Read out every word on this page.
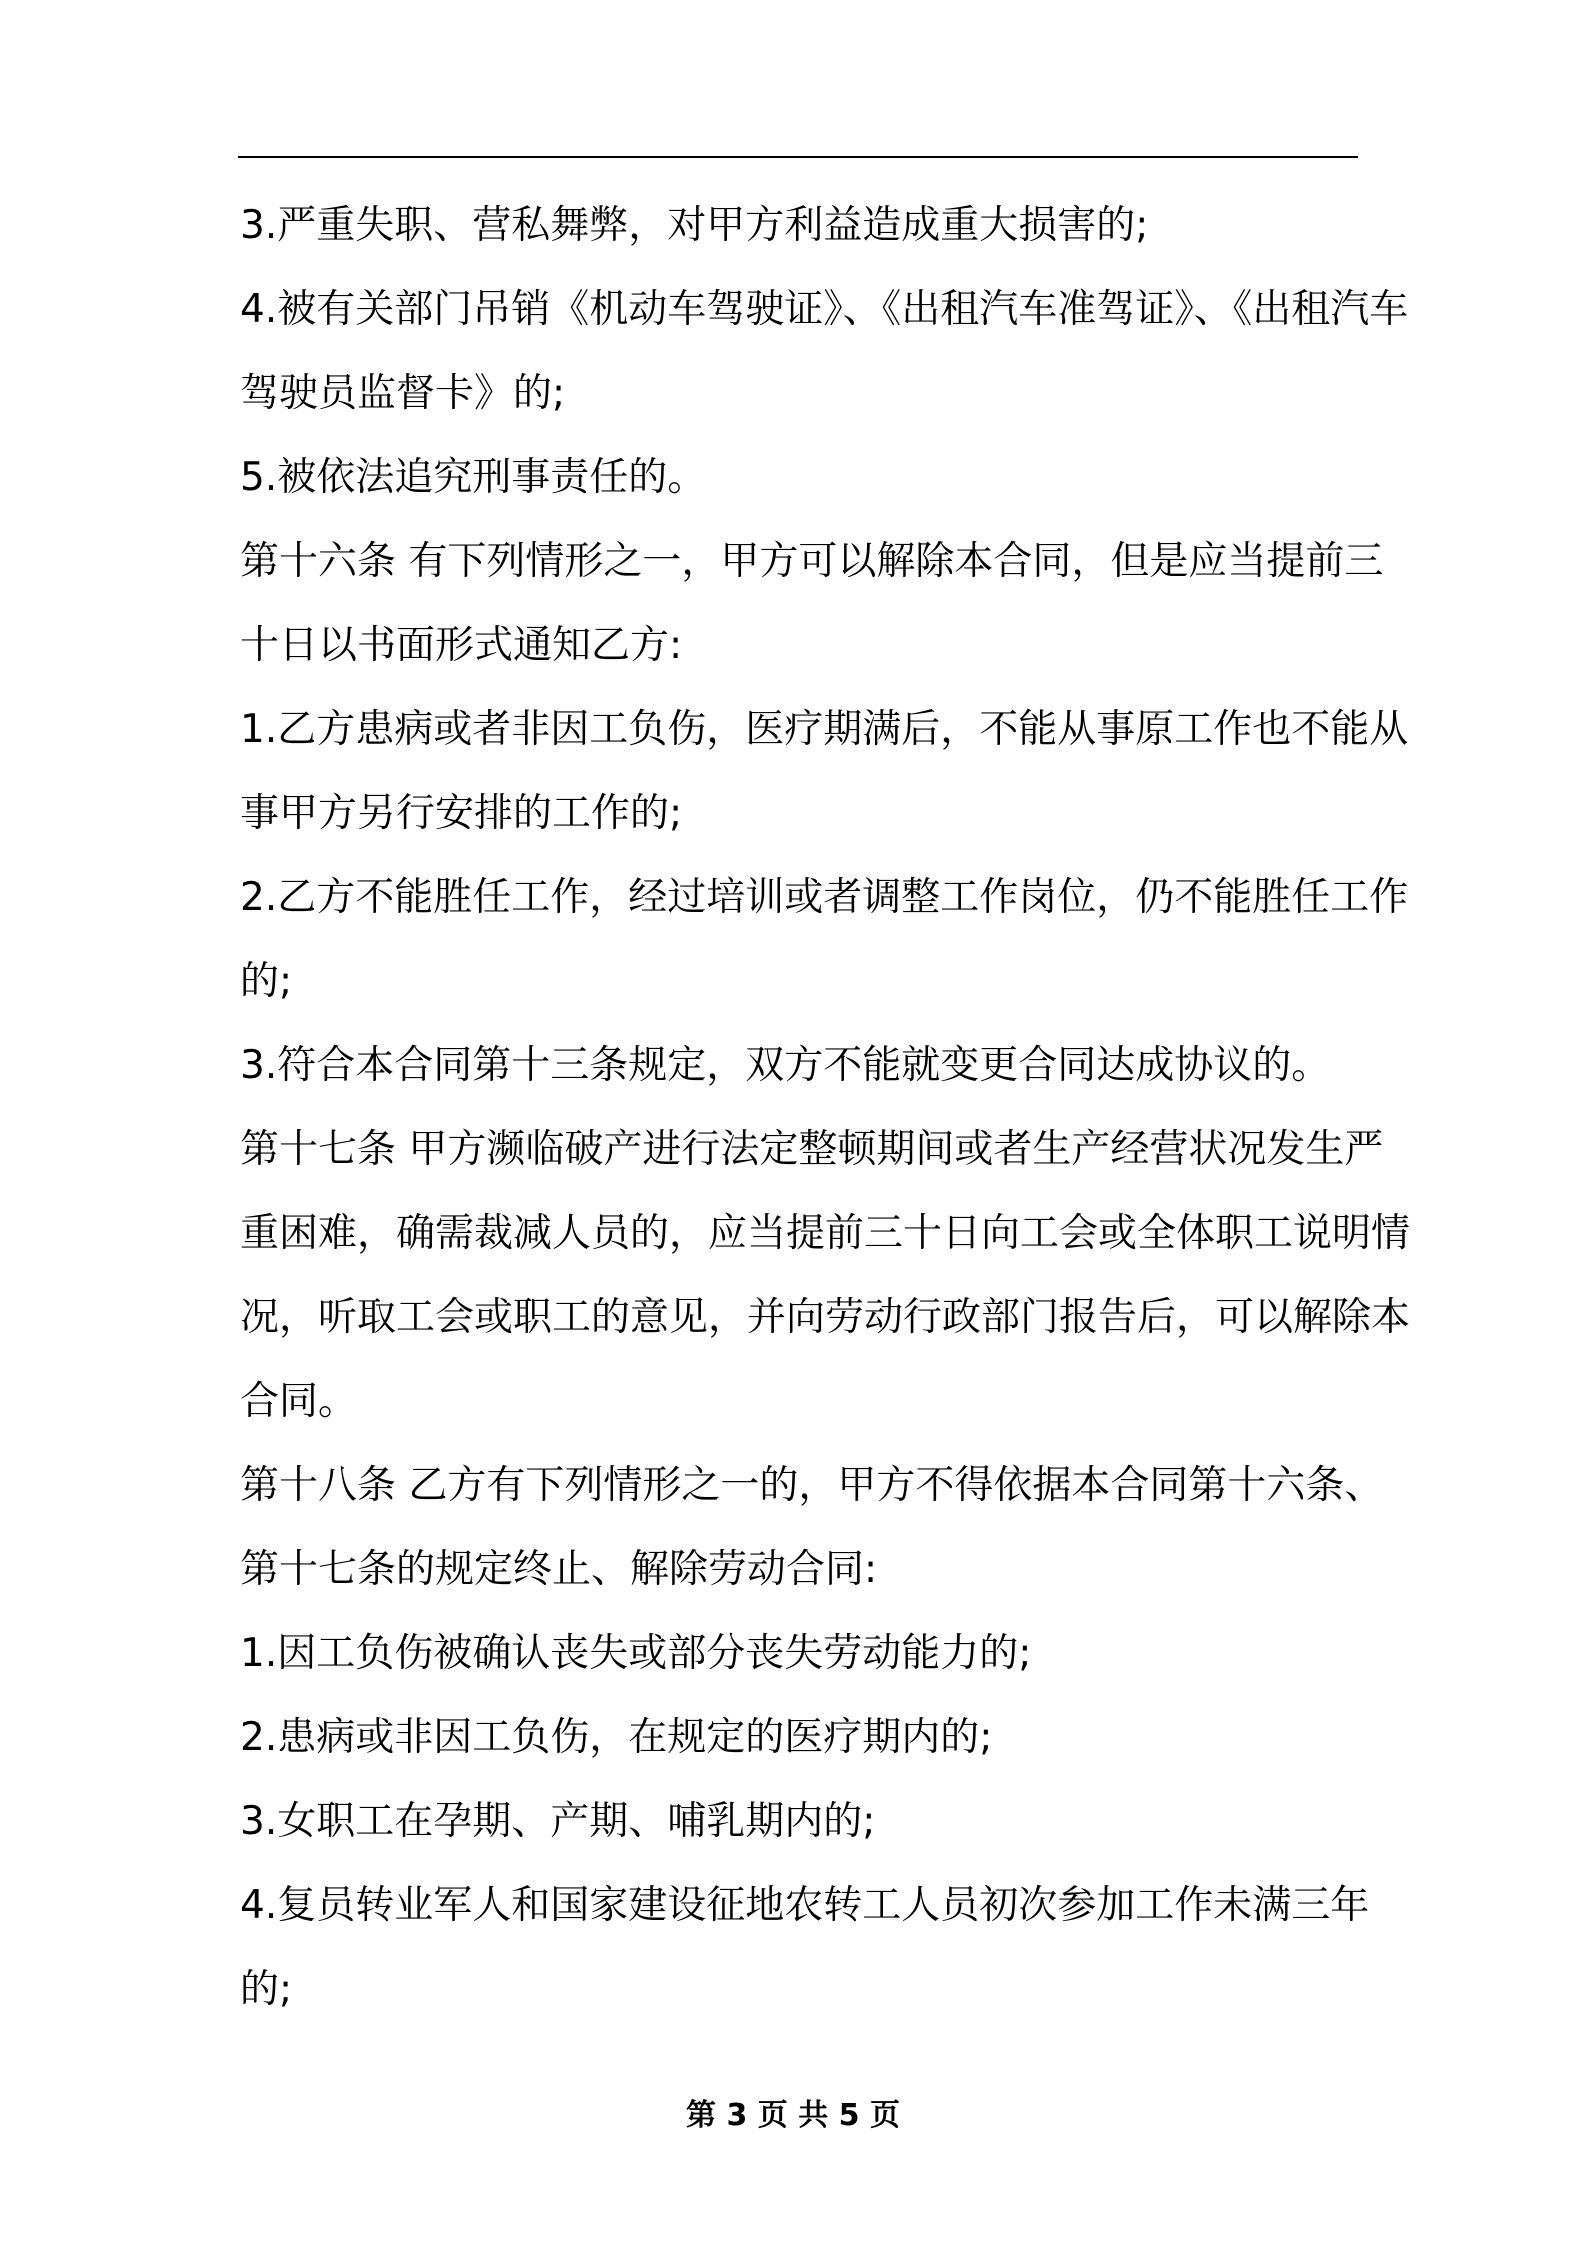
3.严重失职、营私舞弊，对甲方利益造成重大损害的;
4.被有关部门吊销《机动车驾驶证》、《出租汽车准驾证》、《出租汽车
驾驶员监督卡》的;
5.被依法追究刑事责任的。
第十六条 有下列情形之一，甲方可以解除本合同，但是应当提前三
十日以书面形式通知乙方:
1.乙方患病或者非因工负伤，医疗期满后，不能从事原工作也不能从
事甲方另行安排的工作的;
2.乙方不能胜任工作，经过培训或者调整工作岗位，仍不能胜任工作
的;
3.符合本合同第十三条规定，双方不能就变更合同达成协议的。
第十七条 甲方濒临破产进行法定整顿期间或者生产经营状况发生严
重困难，确需裁减人员的，应当提前三十日向工会或全体职工说明情
况，听取工会或职工的意见，并向劳动行政部门报告后，可以解除本
合同。
第十八条 乙方有下列情形之一的，甲方不得依据本合同第十六条、
第十七条的规定终止、解除劳动合同:
1.因工负伤被确认丧失或部分丧失劳动能力的;
2.患病或非因工负伤，在规定的医疗期内的;
3.女职工在孕期、产期、哺乳期内的;
4.复员转业军人和国家建设征地农转工人员初次参加工作未满三年
的;
第 3 页 共 5 页
